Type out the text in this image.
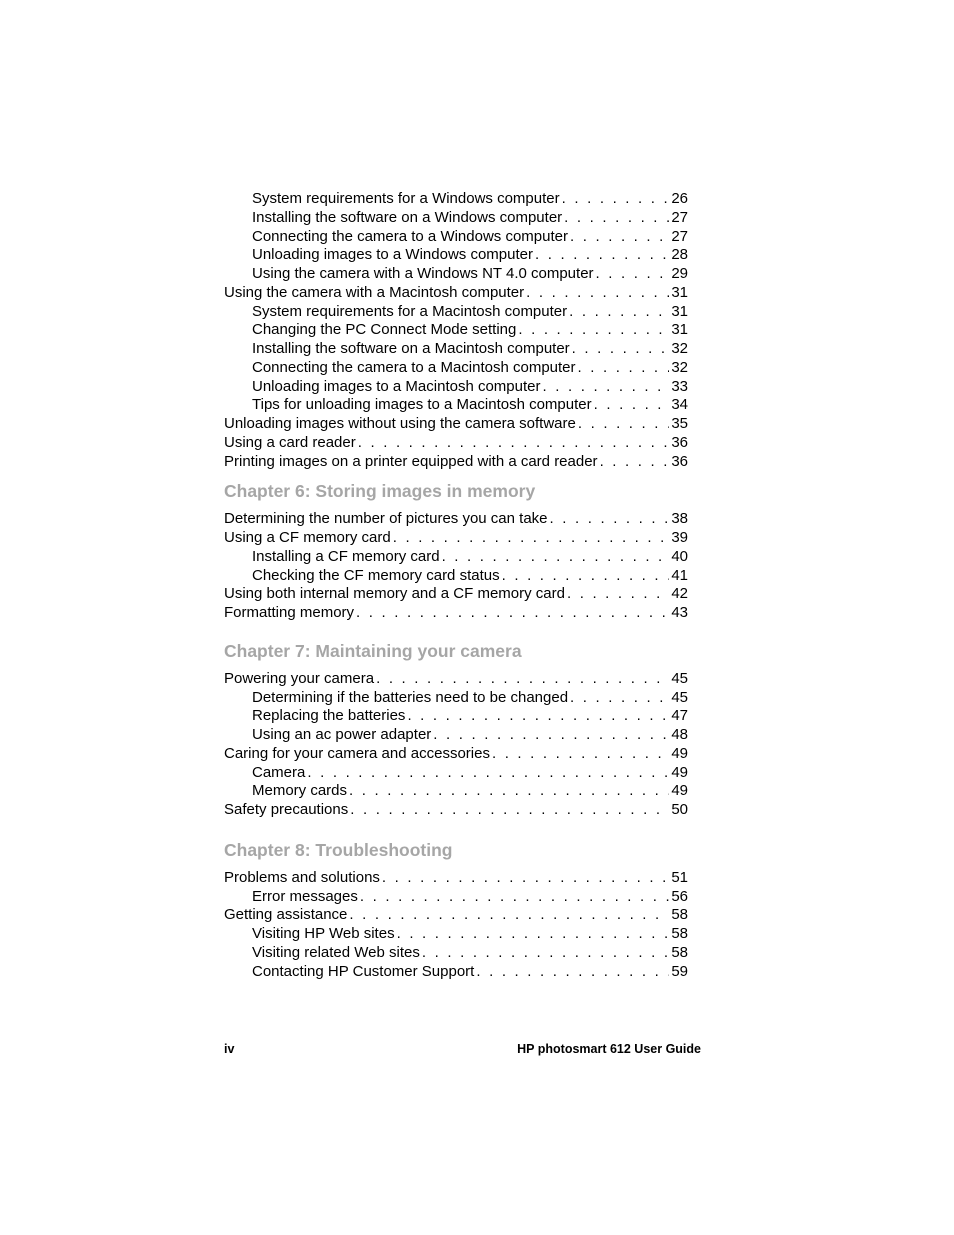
System requirements for a Windows computer . . .	26
Installing the software on a Windows computer . . .	27
Connecting the camera to a Windows computer . . .	27
Unloading images to a Windows computer . . .	28
Using the camera with a Windows NT 4.0 computer . . .	29
Using the camera with a Macintosh computer . . .	31
System requirements for a Macintosh computer . . .	31
Changing the PC Connect Mode setting . . .	31
Installing the software on a Macintosh computer . . .	32
Connecting the camera to a Macintosh computer . . .	32
Unloading images to a Macintosh computer . . .	33
Tips for unloading images to a Macintosh computer . . .	34
Unloading images without using the camera software . . .	35
Using a card reader . . .	36
Printing images on a printer equipped with a card reader . . .	36
Chapter 6: Storing images in memory
Determining the number of pictures you can take . . .	38
Using a CF memory card . . .	39
Installing a CF memory card . . .	40
Checking the CF memory card status . . .	41
Using both internal memory and a CF memory card . . .	42
Formatting memory . . .	43
Chapter 7: Maintaining your camera
Powering your camera . . .	45
Determining if the batteries need to be changed . . .	45
Replacing the batteries . . .	47
Using an ac power adapter . . .	48
Caring for your camera and accessories . . .	49
Camera . . .	49
Memory cards . . .	49
Safety precautions . . .	50
Chapter 8: Troubleshooting
Problems and solutions . . .	51
Error messages . . .	56
Getting assistance . . .	58
Visiting HP Web sites . . .	58
Visiting related Web sites . . .	58
Contacting HP Customer Support . . .	59
iv	HP photosmart 612 User Guide
